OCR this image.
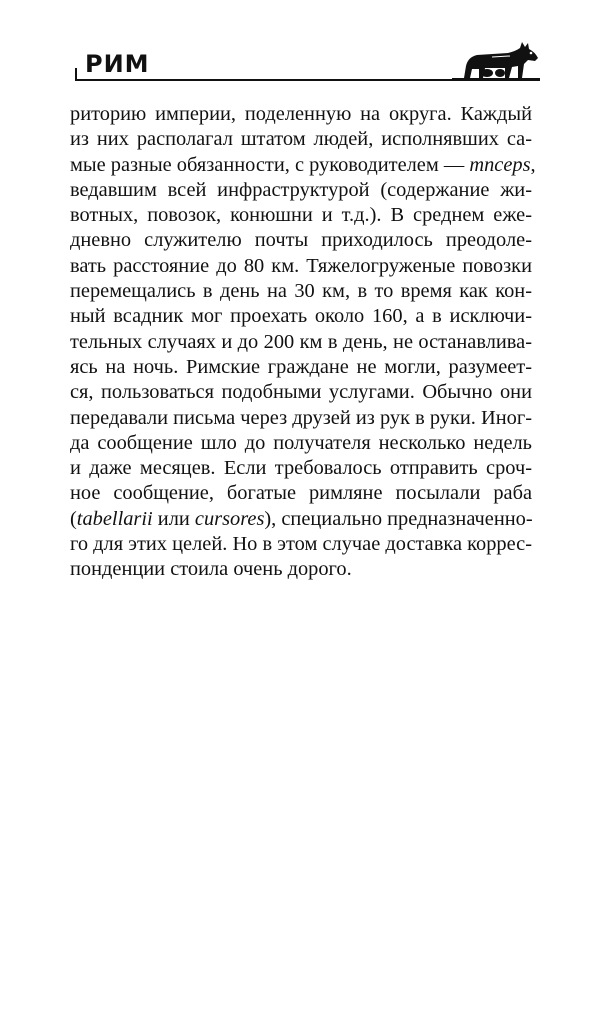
РИМ
риторию империи, поделенную на округа. Каждый
из них располагал штатом людей, исполнявших са-
мые разные обязанности, с руководителем — mnceps,
ведавшим всей инфраструктурой (содержание жи-
вотных, повозок, конюшни и т.д.). В среднем еже-
дневно служителю почты приходилось преодоле-
вать расстояние до 80 км. Тяжелогруженые повозки
перемещались в день на 30 км, в то время как кон-
ный всадник мог проехать около 160, а в исключи-
тельных случаях и до 200 км в день, не останавлива-
ясь на ночь. Римские граждане не могли, разумеет-
ся, пользоваться подобными услугами. Обычно они
передавали письма через друзей из рук в руки. Иног-
да сообщение шло до получателя несколько недель
и даже месяцев. Если требовалось отправить сроч-
ное сообщение, богатые римляне посылали раба
(tabellarii или cursores), специально предназначенно-
го для этих целей. Но в этом случае доставка коррес-
понденции стоила очень дорого.
